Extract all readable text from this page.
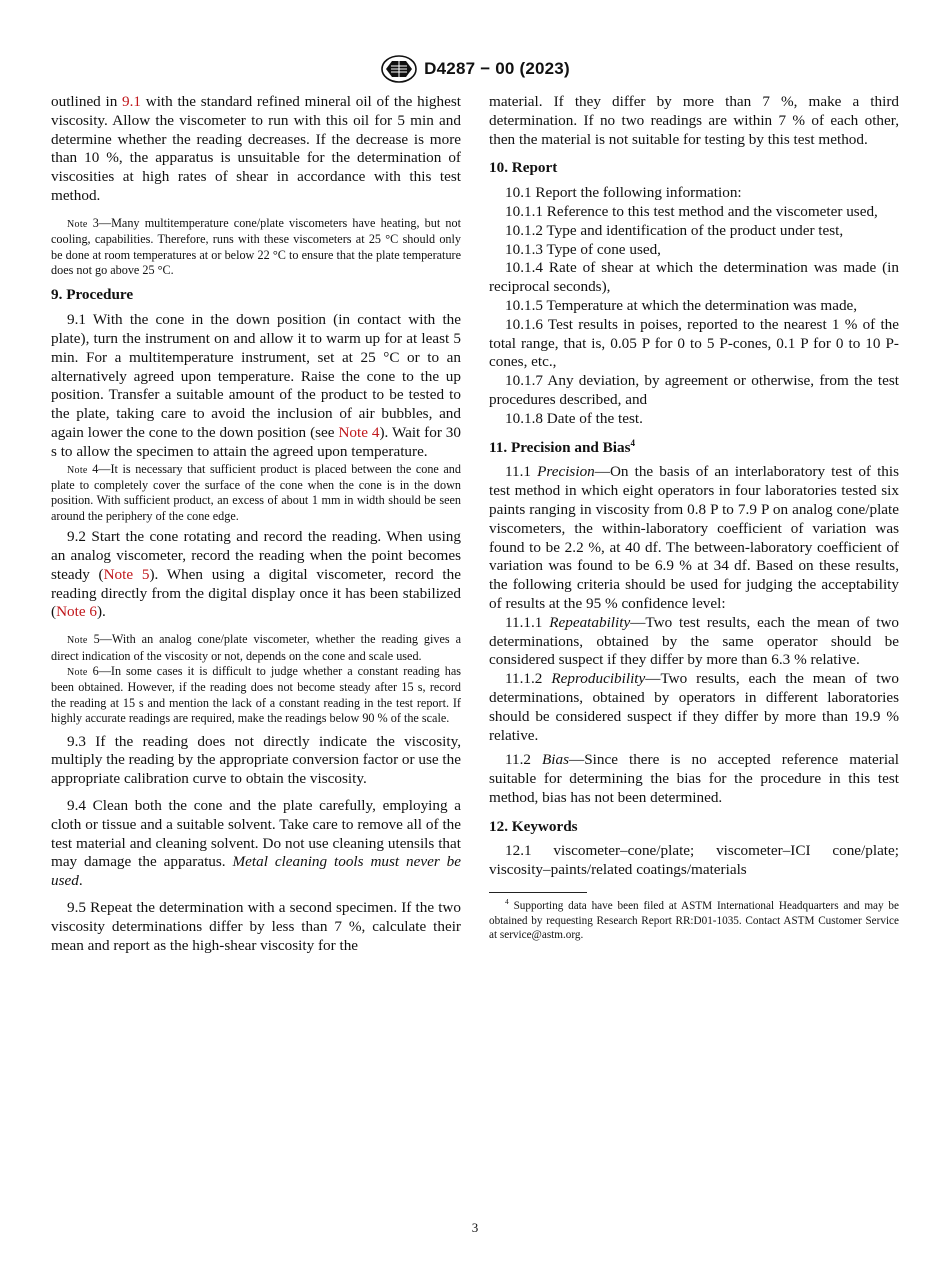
D4287 − 00 (2023)

outlined in 9.1 with the standard refined mineral oil of the highest viscosity. Allow the viscometer to run with this oil for 5 min and determine whether the reading decreases. If the decrease is more than 10 %, the apparatus is unsuitable for the determination of viscosities at high rates of shear in accordance with this test method.

Note 3—Many multitemperature cone/plate viscometers have heating, but not cooling, capabilities. Therefore, runs with these viscometers at 25 °C should only be done at room temperatures at or below 22 °C to ensure that the plate temperature does not go above 25 °C.

9. Procedure

9.1 With the cone in the down position (in contact with the plate), turn the instrument on and allow it to warm up for at least 5 min. For a multitemperature instrument, set at 25 °C or to an alternatively agreed upon temperature. Raise the cone to the up position. Transfer a suitable amount of the product to be tested to the plate, taking care to avoid the inclusion of air bubbles, and again lower the cone to the down position (see Note 4). Wait for 30 s to allow the specimen to attain the agreed upon temperature.

Note 4—It is necessary that sufficient product is placed between the cone and plate to completely cover the surface of the cone when the cone is in the down position. With sufficient product, an excess of about 1 mm in width should be seen around the periphery of the cone edge.

9.2 Start the cone rotating and record the reading. When using an analog viscometer, record the reading when the point becomes steady (Note 5). When using a digital viscometer, record the reading directly from the digital display once it has been stabilized (Note 6).

Note 5—With an analog cone/plate viscometer, whether the reading gives a direct indication of the viscosity or not, depends on the cone and scale used.

Note 6—In some cases it is difficult to judge whether a constant reading has been obtained. However, if the reading does not become steady after 15 s, record the reading at 15 s and mention the lack of a constant reading in the test report. If highly accurate readings are required, make the readings below 90 % of the scale.

9.3 If the reading does not directly indicate the viscosity, multiply the reading by the appropriate conversion factor or use the appropriate calibration curve to obtain the viscosity.

9.4 Clean both the cone and the plate carefully, employing a cloth or tissue and a suitable solvent. Take care to remove all of the test material and cleaning solvent. Do not use cleaning utensils that may damage the apparatus. Metal cleaning tools must never be used.

9.5 Repeat the determination with a second specimen. If the two viscosity determinations differ by less than 7 %, calculate their mean and report as the high-shear viscosity for the

material. If they differ by more than 7 %, make a third determination. If no two readings are within 7 % of each other, then the material is not suitable for testing by this test method.

10. Report

10.1 Report the following information:

10.1.1 Reference to this test method and the viscometer used,

10.1.2 Type and identification of the product under test,

10.1.3 Type of cone used,

10.1.4 Rate of shear at which the determination was made (in reciprocal seconds),

10.1.5 Temperature at which the determination was made,

10.1.6 Test results in poises, reported to the nearest 1 % of the total range, that is, 0.05 P for 0 to 5 P-cones, 0.1 P for 0 to 10 P-cones, etc.,

10.1.7 Any deviation, by agreement or otherwise, from the test procedures described, and

10.1.8 Date of the test.

11. Precision and Bias$^4$

11.1 Precision—On the basis of an interlaboratory test of this test method in which eight operators in four laboratories tested six paints ranging in viscosity from 0.8 P to 7.9 P on analog cone/plate viscometers, the within-laboratory coefficient of variation was found to be 2.2 %, at 40 df. The between-laboratory coefficient of variation was found to be 6.9 % at 34 df. Based on these results, the following criteria should be used for judging the acceptability of results at the 95 % confidence level:

11.1.1 Repeatability—Two test results, each the mean of two determinations, obtained by the same operator should be considered suspect if they differ by more than 6.3 % relative.

11.1.2 Reproducibility—Two results, each the mean of two determinations, obtained by operators in different laboratories should be considered suspect if they differ by more than 19.9 % relative.

11.2 Bias—Since there is no accepted reference material suitable for determining the bias for the procedure in this test method, bias has not been determined.

12. Keywords

12.1 viscometer–cone/plate; viscometer–ICI cone/plate; viscosity–paints/related coatings/materials

$^4$ Supporting data have been filed at ASTM International Headquarters and may be obtained by requesting Research Report RR:D01-1035. Contact ASTM Customer Service at service@astm.org.

3
